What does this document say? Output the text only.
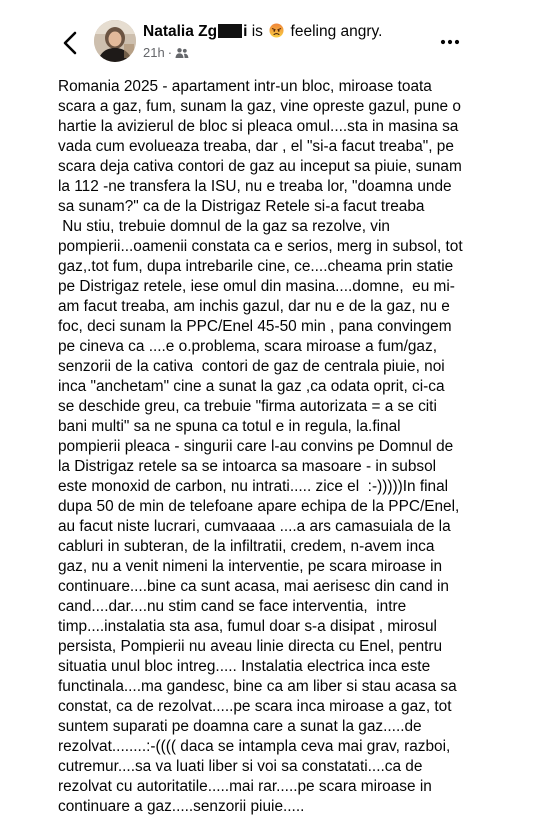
Natalia Zg i is feeling angry.
21h ·
Romania 2025 - apartament intr-un bloc, miroase toata
scara a gaz, fum, sunam la gaz, vine opreste gazul, pune o
hartie la avizierul de bloc si pleaca omul....sta in masina sa
vada cum evolueaza treaba, dar , el "si-a facut treaba", pe
scara deja cativa contori de gaz au inceput sa piuie, sunam
la 112 -ne transfera la ISU, nu e treaba lor, "doamna unde
sa sunam?" ca de la Distrigaz Retele si-a facut treaba
Nu stiu, trebuie domnul de la gaz sa rezolve, vin
pompierii...oamenii constata ca e serios, merg in subsol, tot
gaz,.tot fum, dupa intrebarile cine, ce....cheama prin statie
pe Distrigaz retele, iese omul din masina....domne,  eu mi-
am facut treaba, am inchis gazul, dar nu e de la gaz, nu e
foc, deci sunam la PPC/Enel 45-50 min , pana convingem
pe cineva ca ....e o.problema, scara miroase a fum/gaz,
senzorii de la cativa  contori de gaz de centrala piuie, noi
inca "anchetam" cine a sunat la gaz ,ca odata oprit, ci-ca
se deschide greu, ca trebuie "firma autorizata = a se citi
bani multi" sa ne spuna ca totul e in regula, la.final
pompierii pleaca - singurii care l-au convins pe Domnul de
la Distrigaz retele sa se intoarca sa masoare - in subsol
este monoxid de carbon, nu intrati..... zice el  :-)))))In final
dupa 50 de min de telefoane apare echipa de la PPC/Enel,
au facut niste lucrari, cumvaaaa ....a ars camasuiala de la
cabluri in subteran, de la infiltratii, credem, n-avem inca
gaz, nu a venit nimeni la interventie, pe scara miroase in
continuare....bine ca sunt acasa, mai aerisesc din cand in
cand....dar....nu stim cand se face interventia,  intre
timp....instalatia sta asa, fumul doar s-a disipat , mirosul
persista, Pompierii nu aveau linie directa cu Enel, pentru
situatia unul bloc intreg..... Instalatia electrica inca este
functinala....ma gandesc, bine ca am liber si stau acasa sa
constat, ca de rezolvat.....pe scara inca miroase a gaz, tot
suntem suparati pe doamna care a sunat la gaz.....de
rezolvat........:-(((( daca se intampla ceva mai grav, razboi,
cutremur....sa va luati liber si voi sa constatati....ca de
rezolvat cu autoritatile.....mai rar.....pe scara miroase in
continuare a gaz.....senzorii piuie.....
